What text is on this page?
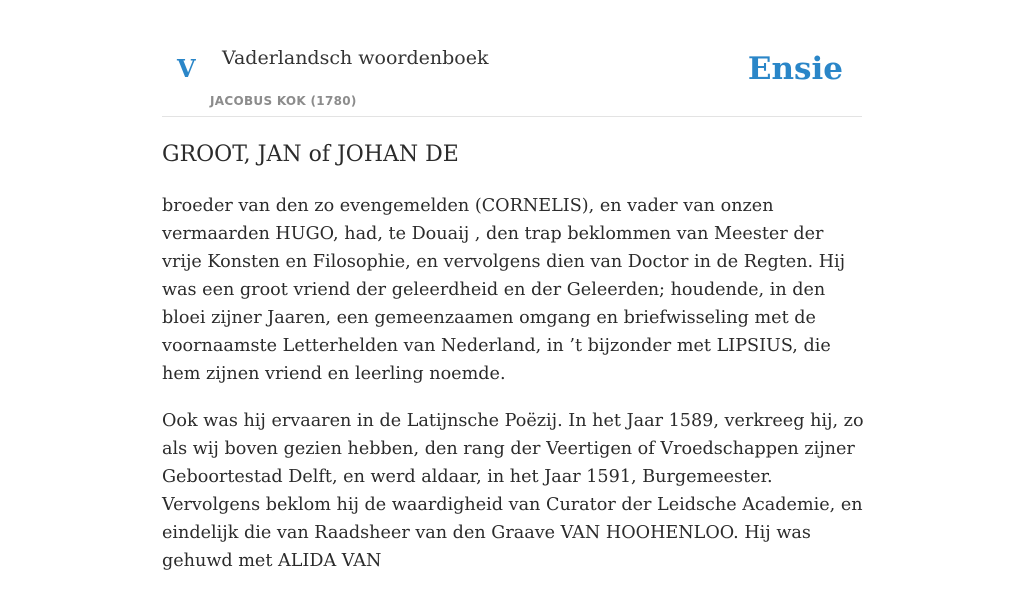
V Vaderlandsch woordenboek
JACOBUS KOK (1780)
Ensie
GROOT, JAN of JOHAN DE

broeder van den zo evengemelden (CORNELIS), en vader van onzen vermaarden HUGO, had, te Douaij , den trap beklommen van Meester der vrije Konsten en Filosophie, en vervolgens dien van Doctor in de Regten. Hij was een groot vriend der geleerdheid en der Geleerden; houdende, in den bloei zijner Jaaren, een gemeenzaamen omgang en briefwisseling met de voornaamste Letterhelden van Nederland, in ’t bijzonder met LIPSIUS, die hem zijnen vriend en leerling noemde.

Ook was hij ervaaren in de Latijnsche Poëzij. In het Jaar 1589, verkreeg hij, zo als wij boven gezien hebben, den rang der Veertigen of Vroedschappen zijner Geboortestad Delft, en werd aldaar, in het Jaar 1591, Burgemeester. Vervolgens beklom hij de waardigheid van Curator der Leidsche Academie, en eindelijk die van Raadsheer van den Graave VAN HOOHENLOO. Hij was gehuwd met ALIDA VAN
